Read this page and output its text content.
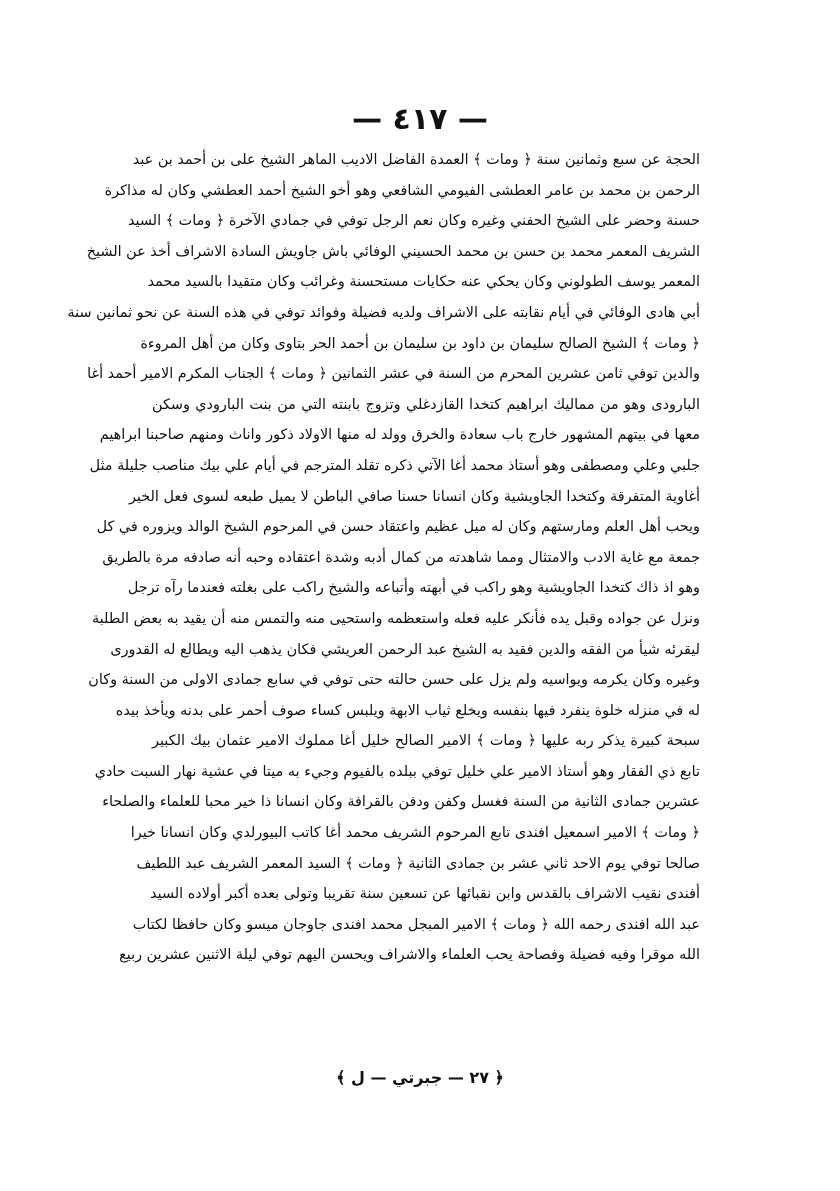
— ٤١٧ —
الحجة عن سبع وثمانين سنة ﴿ ومات ﴾ العمدة الفاضل الاديب الماهر الشيخ على بن أحمد بن عبد
الرحمن بن محمد بن عامر العطشى الفيومي الشافعي وهو أخو الشيخ أحمد العطشي وكان له مذاكرة
حسنة وحضر على الشيخ الحفني وغيره وكان نعم الرجل توفي في جمادي الآخرة ﴿ ومات ﴾ السيد
الشريف المعمر محمد بن حسن بن محمد الحسيني الوفائي باش جاويش السادة الاشراف أخذ عن الشيخ
المعمر يوسف الطولوني وكان يحكي عنه حكايات مستحسنة وغرائب وكان متقيدا بالسيد محمد
أبي هادى الوفائي في أيام نقابته على الاشراف ولديه فضيلة وفوائد توفي في هذه السنة عن نحو ثمانين سنة
﴿ ومات ﴾ الشيخ الصالح سليمان بن داود بن سليمان بن أحمد الحر بتاوى وكان من أهل المروءة
والدين توفي ثامن عشرين المحرم من السنة في عشر الثمانين ﴿ ومات ﴾ الجناب المكرم الامير أحمد أغا
البارودى وهو من مماليك ابراهيم كتخدا القازدغلي وتزوج بابنته التي من بنت البارودي وسكن
معها في بيتهم المشهور خارج باب سعادة والخرق وولد له منها الاولاد ذكور واناث ومنهم صاحبنا ابراهيم
جلبي وعلي ومصطفى وهو أستاذ محمد أغا الآتي ذكره تقلد المترجم في أيام علي بيك مناصب جليلة مثل
أغاوية المتفرقة وكتخدا الجاويشية وكان انسانا حسنا صافي الباطن لا يميل طبعه لسوى فعل الخير
ويحب أهل العلم ومارستهم وكان له ميل عظيم واعتقاد حسن في المرحوم الشيخ الوالد ويزوره في كل
جمعة مع غاية الادب والامتثال ومما شاهدته من كمال أدبه وشدة اعتقاده وحبه أنه صادفه مرة بالطريق
وهو اذ ذاك كتخدا الجاويشية وهو راكب في أبهته وأتباعه والشيخ راكب على بغلته فعندما رآه ترجل
ونزل عن جواده وقبل يده فأنكر عليه فعله واستعظمه واستحيى منه والتمس منه أن يقيد به بعض الطلبة
ليقرئه شيأ من الفقه والدين فقيد به الشيخ عبد الرحمن العريشي فكان يذهب اليه ويطالع له القدورى
وغيره وكان يكرمه ويواسيه ولم يزل على حسن حالته حتى توفي في سابع جمادى الاولى من السنة وكان
له في منزله خلوة ينفرد فيها بنفسه ويخلع ثياب الابهة ويلبس كساء صوف أحمر على بدنه ويأخذ بيده
سبحة كبيرة يذكر ربه عليها ﴿ ومات ﴾ الامير الصالح خليل أغا مملوك الامير عثمان بيك الكبير
تابع ذي الفقار وهو أستاذ الامير علي خليل توفي ببلده بالفيوم وجيء به ميتا في عشية نهار السبت حادي
عشرين جمادى الثانية من السنة فغسل وكفن ودفن بالقرافة وكان انسانا ذا خير محبا للعلماء والصلحاء
﴿ ومات ﴾ الامير اسمعيل افندى تابع المرحوم الشريف محمد أغا كاتب البيورلدي وكان انسانا خيرا
صالحا توفي يوم الاحد ثاني عشر بن جمادى الثانية ﴿ ومات ﴾ السيد المعمر الشريف عبد اللطيف
أفندى نقيب الاشراف بالقدس وابن نقبائها عن تسعين سنة تقريبا وتولى بعده أكبر أولاده السيد
عبد الله افندى رحمه الله ﴿ ومات ﴾ الامير المبجل محمد افندى جاوجان ميسو وكان حافظا لكتاب
الله موقرا وفيه فضيلة وفصاحة يحب العلماء والاشراف ويحسن اليهم توفي ليلة الاثنين عشرين ربيع
﴿ ٢٧ — جبرتي — ل ﴾
